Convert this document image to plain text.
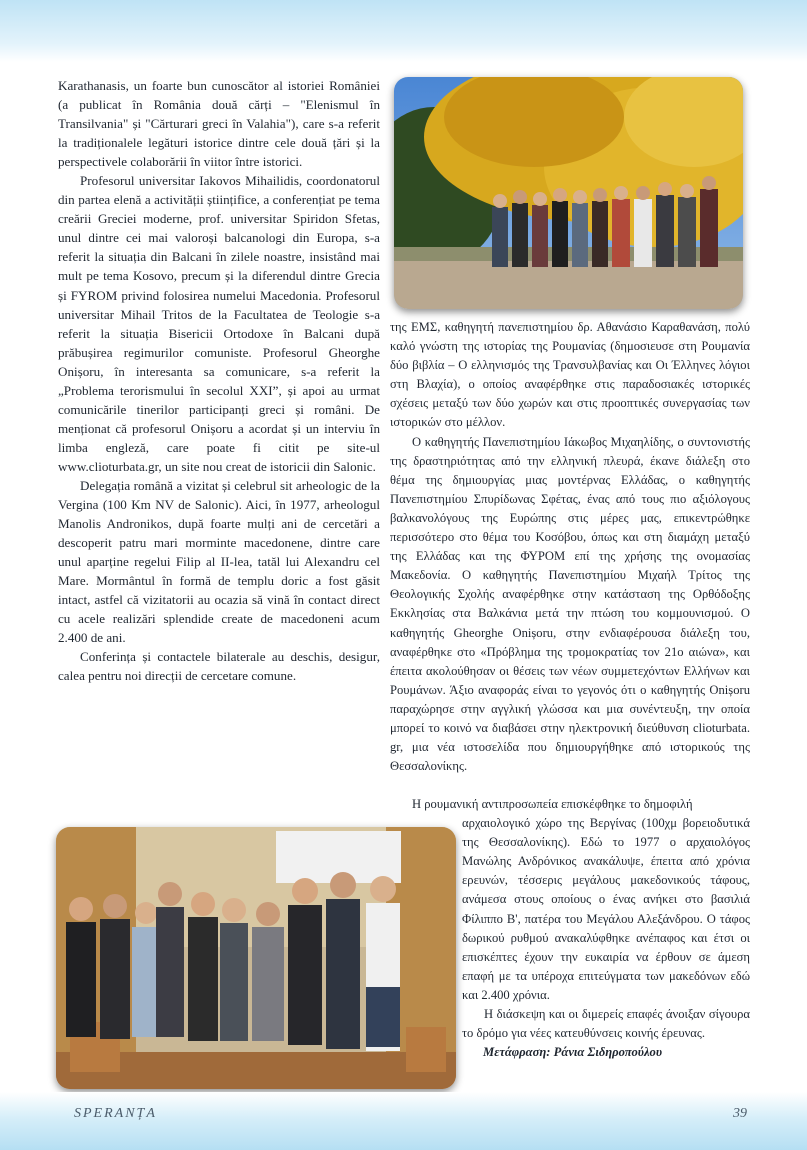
Karathanasis, un foarte bun cunoscător al istoriei României (a publicat în România două cărți – "Elenismul în Transilvania" și "Cărturari greci în Valahia"), care s-a referit la tradiționalele legături istorice dintre cele două țări și la perspectivele colaborării în viitor între istorici.

Profesorul universitar Iakovos Mihailidis, coordonatorul din partea elenă a activității științifice, a conferențiat pe tema creării Greciei moderne, prof. universitar Spiridon Sfetas, unul dintre cei mai valoroși balcanologi din Europa, s-a referit la situația din Balcani în zilele noastre, insistând mai mult pe tema Kosovo, precum și la diferendul dintre Grecia și FYROM privind folosirea numelui Macedonia. Profesorul universitar Mihail Tritos de la Facultatea de Teologie s-a referit la situația Bisericii Ortodoxe în Balcani după prăbușirea regimurilor comuniste. Profesorul Gheorghe Onișoru, în interesanta sa comunicare, s-a referit la „Problema terorismului în secolul XXI”, și apoi au urmat comunicările tinerilor participanți greci și români. De menționat că profesorul Onișoru a acordat și un interviu în limba engleză, care poate fi citit pe site-ul www.clioturbata.gr, un site nou creat de istoricii din Salonic.

Delegația română a vizitat și celebrul sit arheologic de la Vergina (100 Km NV de Salonic). Aici, în 1977, arheologul Manolis Andronikos, după foarte mulți ani de cercetări a descoperit patru mari morminte macedonene, dintre care unul aparține regelui Filip al II-lea, tatăl lui Alexandru cel Mare. Mormântul în formă de templu doric a fost găsit intact, astfel că vizitatorii au ocazia să vină în contact direct cu acele realizări splendide create de macedoneni acum 2.400 de ani.

Conferința și contactele bilaterale au deschis, desigur, calea pentru noi direcții de cercetare comune.

της ΕΜΣ, καθηγητή πανεπιστημίου δρ. Αθανάσιο Καραθανάση, πολύ καλό γνώστη της ιστορίας της Ρουμανίας (δημοσιευσε στη Ρουμανία δύο βιβλία – Ο ελληνισμός της Τρανσυλβανίας και Οι Έλληνες λόγιοι στη Βλαχία), ο οποίος αναφέρθηκε στις παραδοσιακές ιστορικές σχέσεις μεταξύ των δύο χωρών και στις προοπτικές συνεργασίας των ιστορικών στο μέλλον.

Ο καθηγητής Πανεπιστημίου Ιάκωβος Μιχαηλίδης, ο συντονιστής της δραστηριότητας από την ελληνική πλευρά, έκανε διάλεξη στο θέμα της δημιουργίας μιας μοντέρνας Ελλάδας, ο καθηγητής Πανεπιστημίου Σπυρίδωνας Σφέτας, ένας από τους πιο αξιόλογους βαλκανολόγους της Ευρώπης στις μέρες μας, επικεντρώθηκε περισσότερο στο θέμα του Κοσόβου, όπως και στη διαμάχη μεταξύ της Ελλάδας και της ΦΥΡΟΜ επί της χρήσης της ονομασίας Μακεδονία. Ο καθηγητής Πανεπιστημίου Μιχαήλ Τρίτος της Θεολογικής Σχολής αναφέρθηκε στην κατάσταση της Ορθόδοξης Εκκλησίας στα Βαλκάνια μετά την πτώση του κομμουνισμού. Ο καθηγητής Gheorghe Onișoru, στην ενδιαφέρουσα διάλεξη του, αναφέρθηκε στο «Πρόβλημα της τρομοκρατίας τον 21ο αιώνα», και έπειτα ακολούθησαν οι θέσεις των νέων συμμετεχόντων Ελλήνων και Ρουμάνων. Άξιο αναφοράς είναι το γεγονός ότι ο καθηγητής Onișoru παραχώρησε στην αγγλική γλώσσα και μια συνέντευξη, την οποία μπορεί το κοινό να διαβάσει στην ηλεκτρονική διεύθυνση clioturbata. gr, μια νέα ιστοσελίδα που δημιουργήθηκε από ιστορικούς της Θεσσαλονίκης.

Η ρουμανική αντιπροσωπεία επισκέφθηκε το δημοφιλή

αρχαιολογικό χώρο της Βεργίνας (100χμ βορειοδυτικά της Θεσσαλονίκης). Εδώ το 1977 ο αρχαιολόγος Μανώλης Ανδρόνικος ανακάλυψε, έπειτα από χρόνια ερευνών, τέσσερις μεγάλους μακεδονικούς τάφους, ανάμεσα στους οποίους ο ένας ανήκει στο βασιλιά Φίλιππο Β', πατέρα του Μεγάλου Αλεξάνδρου. Ο τάφος δωρικού ρυθμού ανακαλύφθηκε ανέπαφος και έτσι οι επισκέπτες έχουν την ευκαιρία να έρθουν σε άμεση επαφή με τα υπέροχα επιτεύγματα των μακεδόνων εδώ και 2.400 χρόνια.

Η διάσκεψη και οι διμερείς επαφές άνοιξαν σίγουρα το δρόμο για νέες κατευθύνσεις κοινής έρευνας.

Μετάφραση: Ράνια Σιδηροπούλου

SPERANȚA	39
